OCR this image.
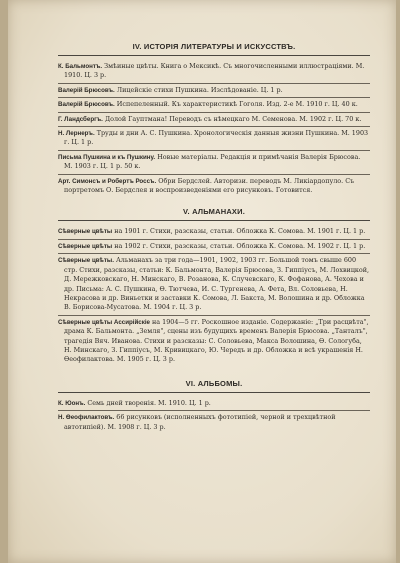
IV. ИСТОРІЯ ЛИТЕРАТУРЫ И ИСКУССТВЪ.
К. Бальмонтъ. Змѣиные цвѣты. Книга о Мексикѣ. Съ многочисленными иллюстраціями. М. 1910. Ц. 3 р.
Валерій Брюсовъ. Лицейскіе стихи Пушкина. Изслѣдованіе. Ц. 1 р.
Валерій Брюсовъ. Испепеленный. Къ характеристикѣ Гоголя. Изд. 2-е М. 1910 г. Ц. 40 к.
Г. Ландсбергъ. Долой Гауптмана! Переводъ съ нѣмецкаго М. Семенова. М. 1902 г. Ц. 70 к.
Н. Лернеръ. Труды и дни А. С. Пушкина. Хронологическія данныя жизни Пушкина. М. 1903 г. Ц. 1 р.
Письма Пушкина и къ Пушкину. Новые матеріалы. Редакція и примѣчанія Валерія Брюсова. М. 1903 г. Ц. 1 р. 50 к.
Арт. Симонсъ и Робертъ Россъ. Обри Бердслей. Авторизи. переводъ М. Ликіардопуло. Съ портретомъ О. Бердслея и воспроизведеніями его рисунковъ. Готовится.
V. АЛЬМАНАХИ.
Сѣверные цвѣты на 1901 г. Стихи, разсказы, статьи. Обложка К. Сомова. М. 1901 г. Ц. 1 р.
Сѣверные цвѣты на 1902 г. Стихи, разсказы, статьи. Обложка К. Сомова. М. 1902 г. Ц. 1 р.
Сѣверные цвѣты. Альманахъ за три года—1901, 1902, 1903 гг. Большой томъ свыше 600 стр. Стихи, разсказы, статьи: К. Бальмонта, Валерія Брюсова, З. Гиппіусъ, М. Лохвицкой, Д. Мережковскаго, Н. Минскаго, В. Розанова, К. Случевскаго, К. Фофанова, А. Чехова и др. Письма: А. С. Пушкина, Ѳ. Тютчева, И. С. Тургенева, А. Фета, Вл. Соловьева, Н. Некрасова и др. Виньетки и заставки К. Сомова, Л. Бакста, М. Волошина и др. Обложка В. Борисова-Мусатова. М. 1904 г. Ц. 3 р.
Сѣверные цвѣты Ассирійскіе на 1904—5 гг. Роскошное изданіе. Содержаніе: „Три расцвѣта", драма К. Бальмонта. „Земля", сцены изъ будущихъ временъ Валерія Брюсова. „Танталъ", трагедія Вяч. Иванова. Стихи и разсказы: С. Соловьева, Макса Волошина, Ѳ. Сологуба, Н. Минскаго, З. Гиппіусъ, М. Кривицкаго, Ю. Чередъ и др. Обложка и всѣ украшенія Н. Ѳеофилактова. М. 1905 г. Ц. 3 р.
VI. АЛЬБОМЫ.
К. Юонъ. Семь дней творенія. М. 1910. Ц. 1 р.
Н. Ѳеофилактовъ. 66 рисунковъ (исполненныхъ фототипіей, черной и трехцвѣтной автотипіей). М. 1908 г. Ц. 3 р.
